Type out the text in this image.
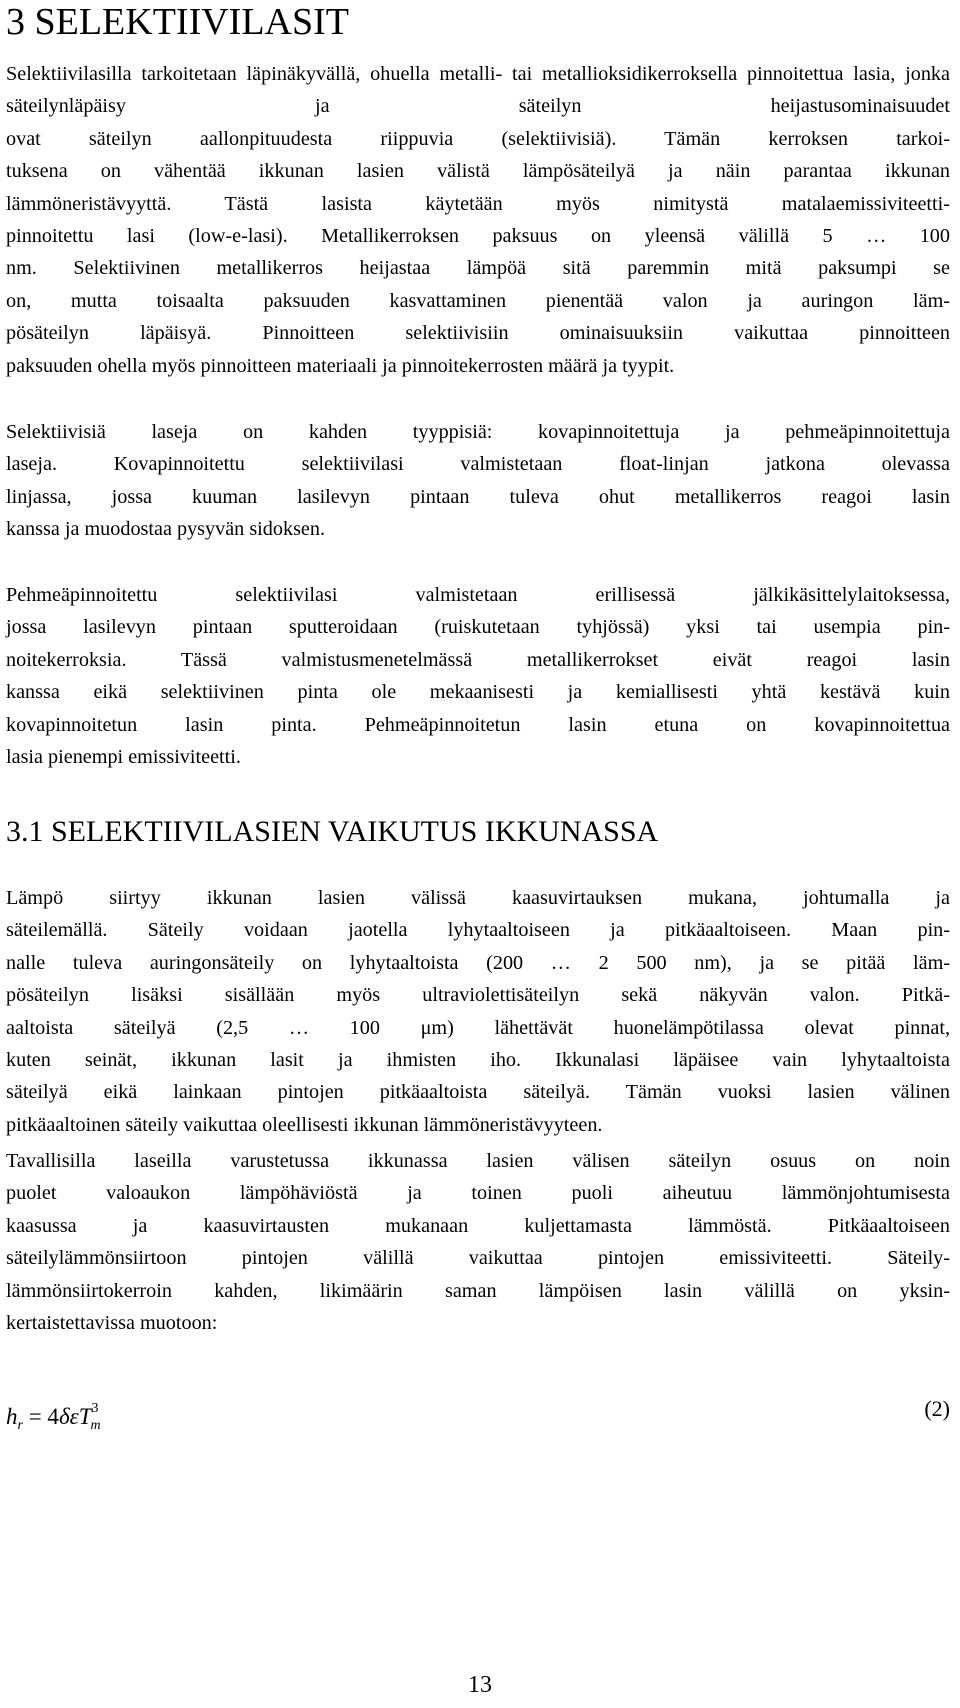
3 SELEKTIIVILASIT

Selektiivilasilla tarkoitetaan läpinäkyvällä, ohuella metalli- tai metallioksidikerroksella pinnoitettua lasia, jonka säteilynläpäisy ja säteilyn heijastusominaisuudet
ovat säteilyn aallonpituudesta riippuvia (selektiivisiä). Tämän kerroksen tarkoi-
tuksena on vähentää ikkunan lasien välistä lämpösäteilyä ja näin parantaa ikkunan
lämmöneristävyyttä. Tästä lasista käytetään myös nimitystä matalaemissiviteetti-
pinnoitettu lasi (low-e-lasi). Metallikerroksen paksuus on yleensä välillä 5 … 100
nm. Selektiivinen metallikerros heijastaa lämpöä sitä paremmin mitä paksumpi se
on, mutta toisaalta paksuuden kasvattaminen pienentää valon ja auringon läm-
pösäteilyn läpäisyä. Pinnoitteen selektiivisiin ominaisuuksiin vaikuttaa pinnoitteen
paksuuden ohella myös pinnoitteen materiaali ja pinnoitekerrosten määrä ja tyypit.

Selektiivisiä laseja on kahden tyyppisiä: kovapinnoitettuja ja pehmeäpinnoitettuja
laseja. Kovapinnoitettu selektiivilasi valmistetaan float-linjan jatkona olevassa
linjassa, jossa kuuman lasilevyn pintaan tuleva ohut metallikerros reagoi lasin
kanssa ja muodostaa pysyvän sidoksen.

Pehmeäpinnoitettu selektiivilasi valmistetaan erillisessä jälkikäsittelylaitoksessa,
jossa lasilevyn pintaan sputteroidaan (ruiskutetaan tyhjössä) yksi tai usempia pin-
noitekerroksia. Tässä valmistusmenetelmässä metallikerrokset eivät reagoi lasin
kanssa eikä selektiivinen pinta ole mekaanisesti ja kemiallisesti yhtä kestävä kuin
kovapinnoitetun lasin pinta. Pehmeäpinnoitetun lasin etuna on kovapinnoitettua
lasia pienempi emissiviteetti.

3.1 SELEKTIIVILASIEN VAIKUTUS IKKUNASSA

Lämpö siirtyy ikkunan lasien välissä kaasuvirtauksen mukana, johtumalla ja
säteilemällä. Säteily voidaan jaotella lyhytaaltoiseen ja pitkäaaltoiseen. Maan pin-
nalle tuleva auringonsäteily on lyhytaaltoista (200 … 2 500 nm), ja se pitää läm-
pösäteilyn lisäksi sisällään myös ultraviolettisäteilyn sekä näkyvän valon. Pitkä-
aaltoista säteilyä (2,5 … 100 μm) lähettävät huonelämpötilassa olevat pinnat,
kuten seinät, ikkunan lasit ja ihmisten iho. Ikkunalasi läpäisee vain lyhytaaltoista
säteilyä eikä lainkaan pintojen pitkäaaltoista säteilyä. Tämän vuoksi lasien välinen
pitkäaaltoinen säteily vaikuttaa oleellisesti ikkunan lämmöneristävyyteen.

Tavallisilla laseilla varustetussa ikkunassa lasien välisen säteilyn osuus on noin
puolet valoaukon lämpöhäviöstä ja toinen puoli aiheutuu lämmönjohtumisesta
kaasussa ja kaasuvirtausten mukanaan kuljettamasta lämmöstä. Pitkäaaltoiseen
säteilylämmönsiirtoon pintojen välillä vaikuttaa pintojen emissiviteetti. Säteily-
lämmönsiirtokerroin kahden, likimäärin saman lämpöisen lasin välillä on yksin-
kertaistettavissa muotoon:

$h_r = 4\delta\varepsilon T^3_m$
(2)
13
